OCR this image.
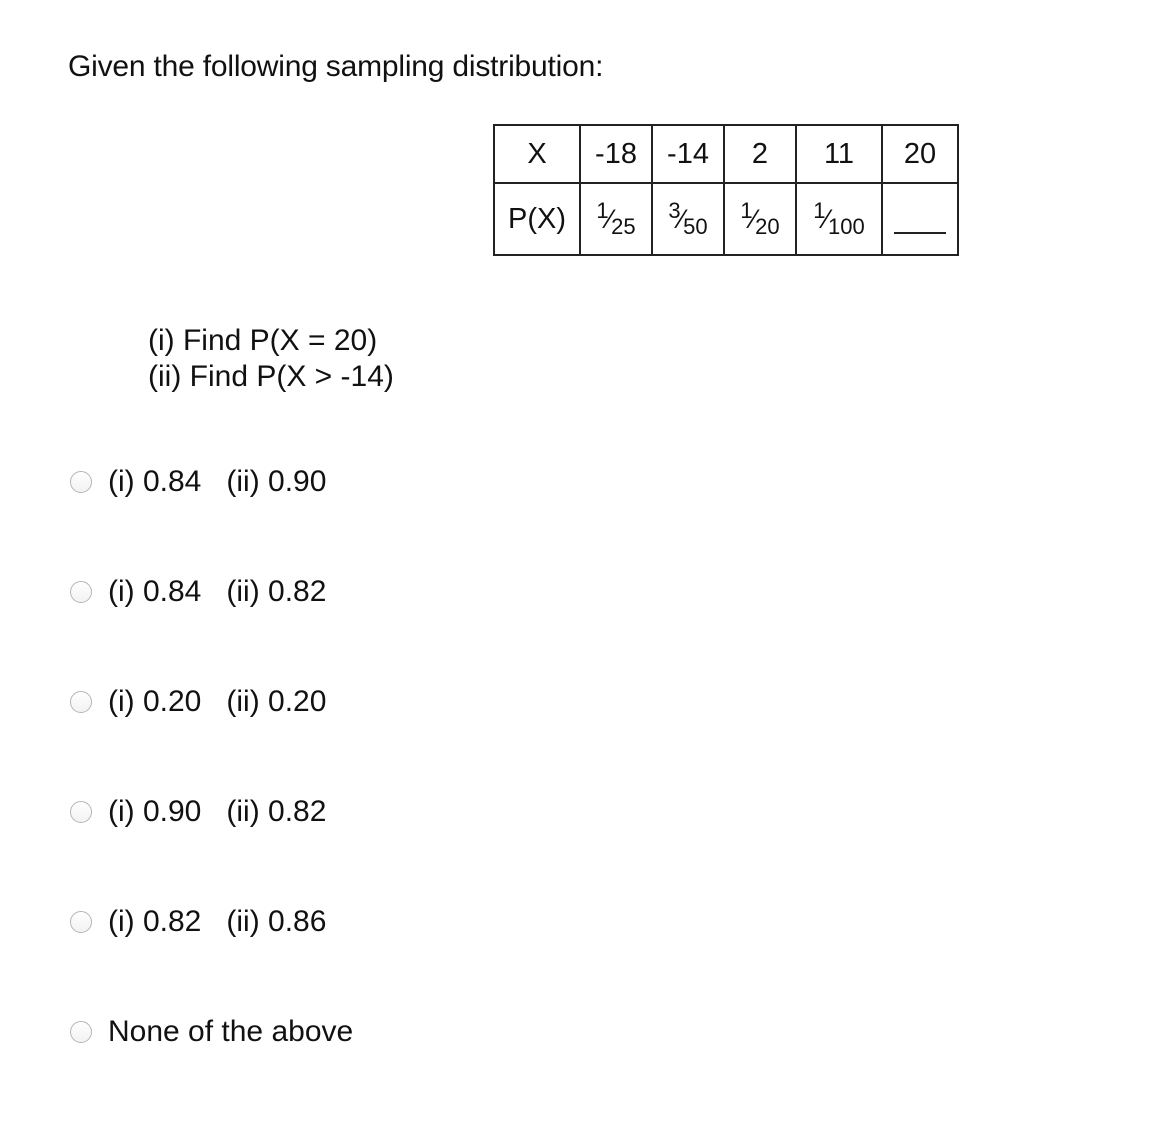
Given the following sampling distribution:
X	-18	-14	2	11	20
P(X)	$^1⁄_{25}$	$^3⁄_{50}$	$^1⁄_{20}$	$^1⁄_{100}$	
(i) Find P(X = 20)
(ii) Find P(X > -14)
(i) 0.84   (ii) 0.90
(i) 0.84   (ii) 0.82
(i) 0.20   (ii) 0.20
(i) 0.90   (ii) 0.82
(i) 0.82   (ii) 0.86
None of the above
